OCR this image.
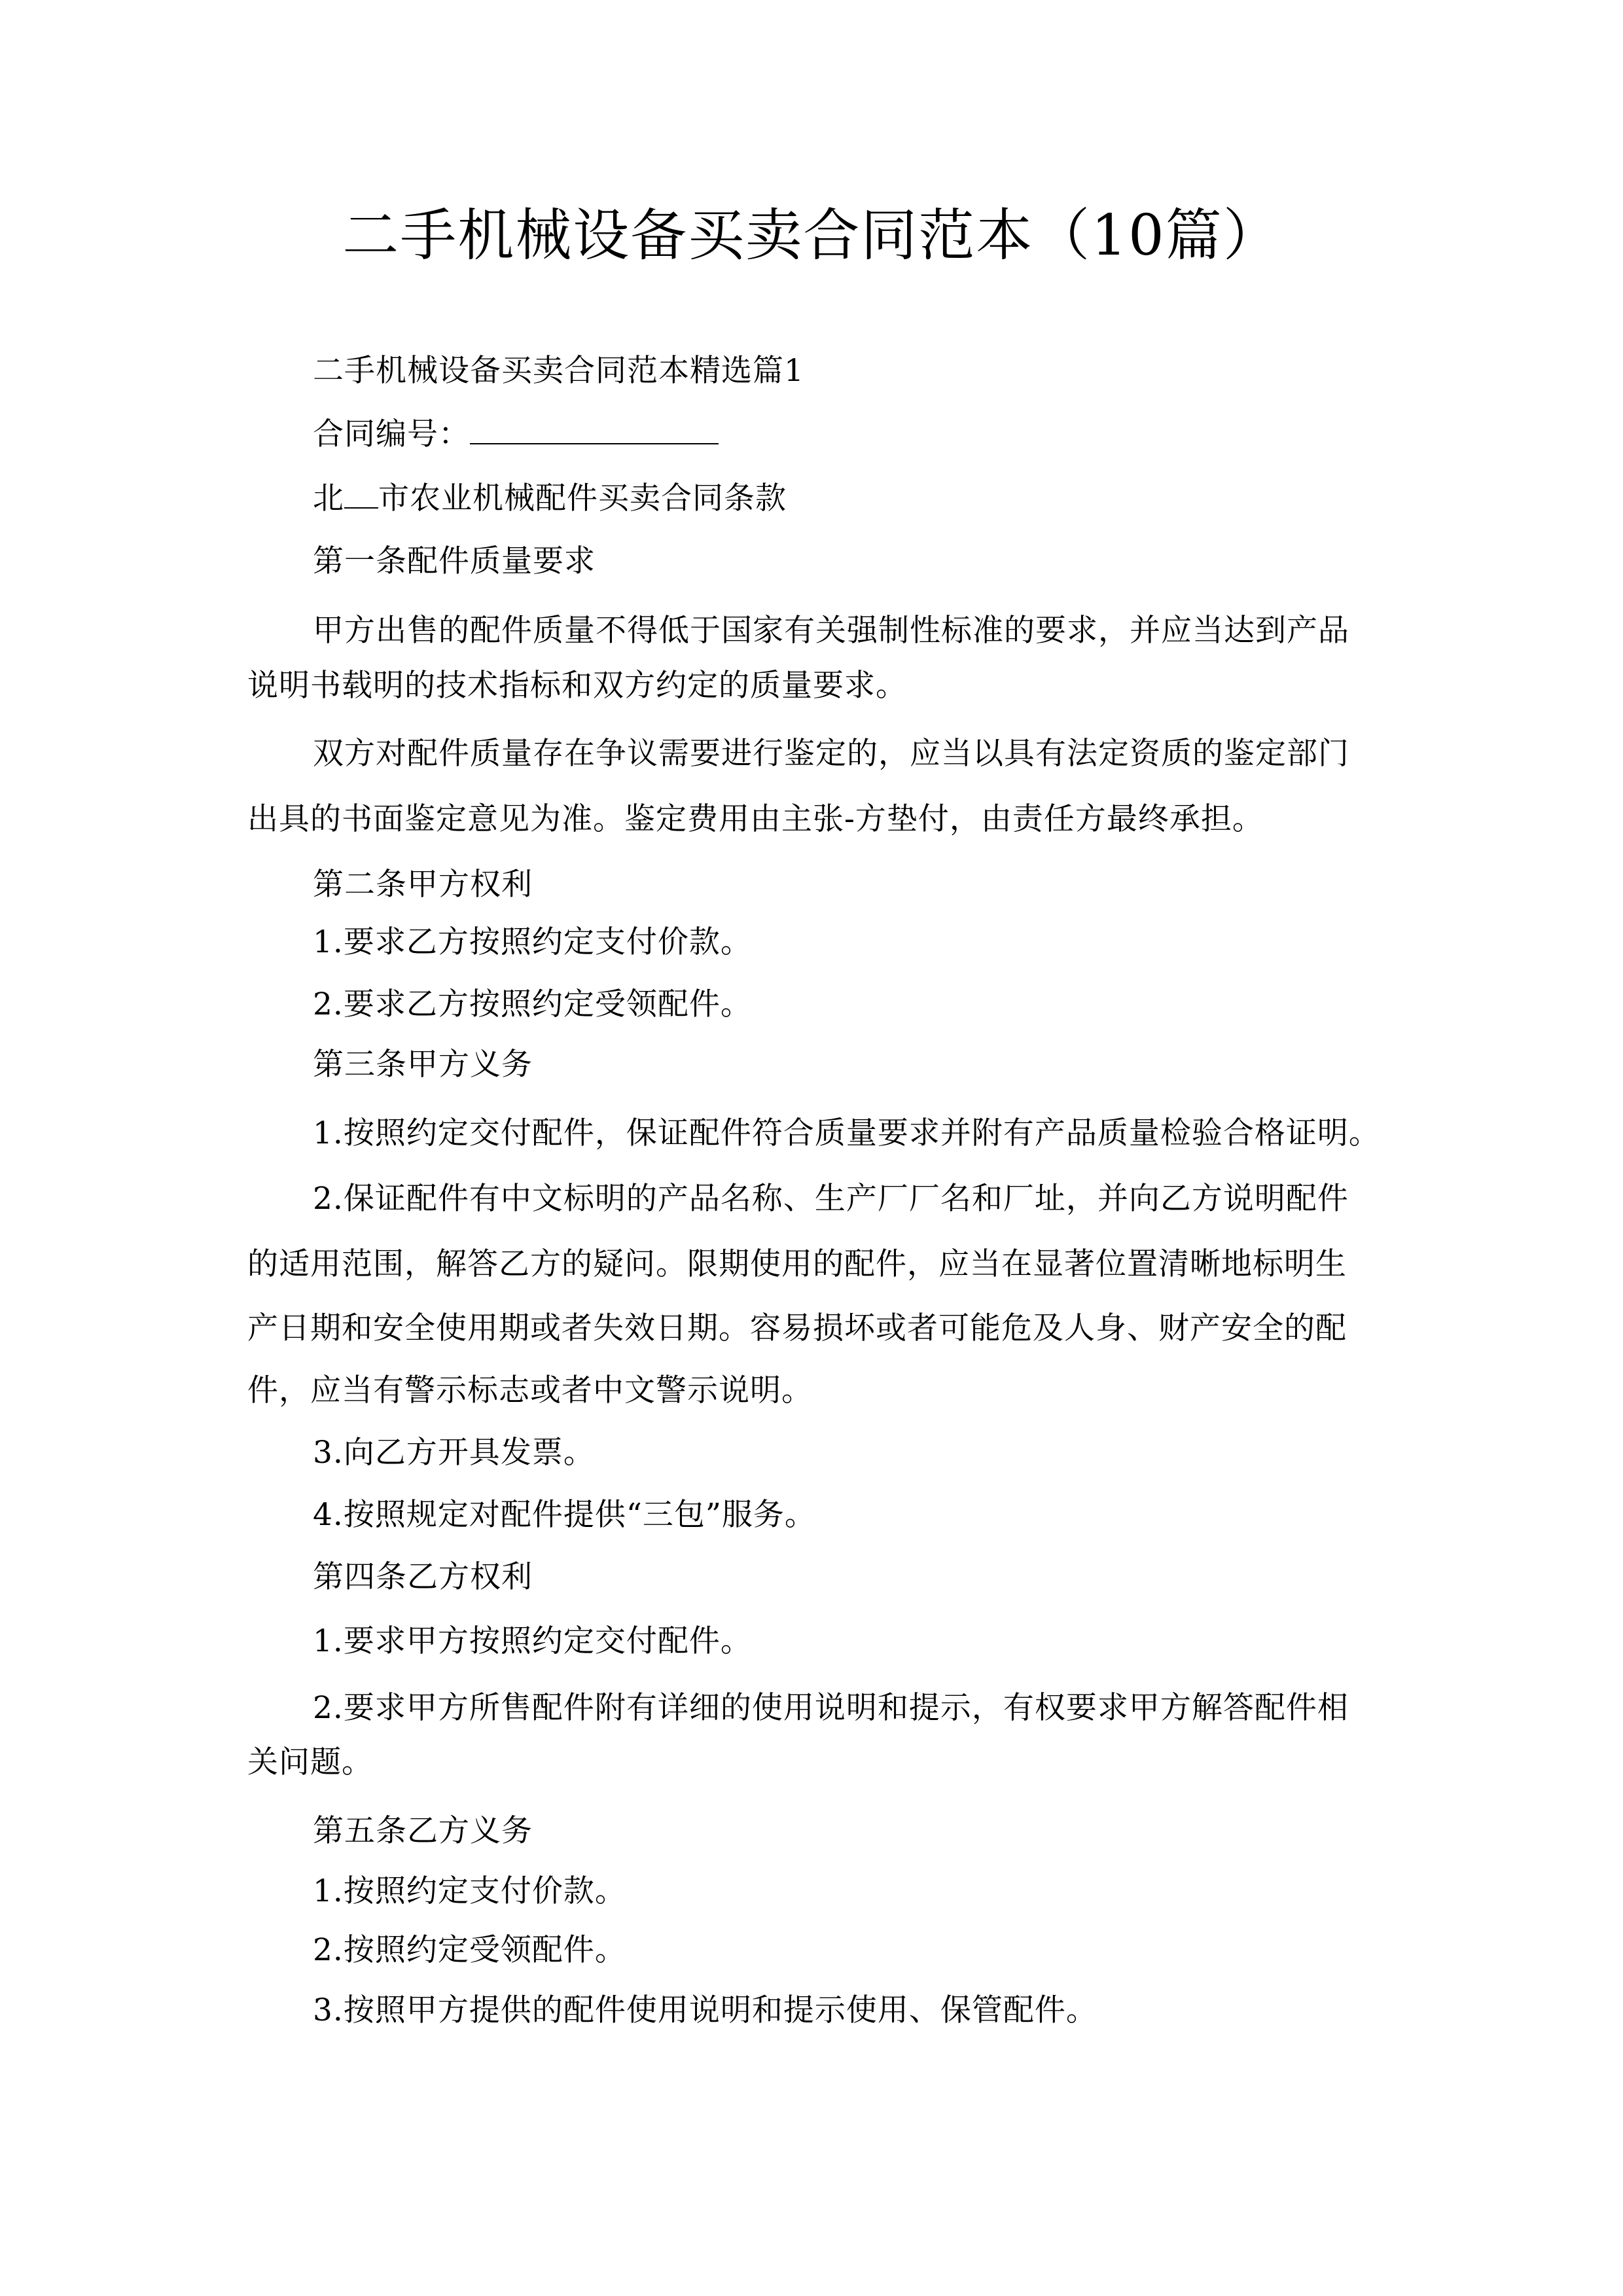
二手机械设备买卖合同范本（10篇）
二手机械设备买卖合同范本精选篇1
合同编号：
北 市农业机械配件买卖合同条款
第一条配件质量要求
甲方出售的配件质量不得低于国家有关强制性标准的要求，并应当达到产品
说明书载明的技术指标和双方约定的质量要求。
双方对配件质量存在争议需要进行鉴定的，应当以具有法定资质的鉴定部门
出具的书面鉴定意见为准。鉴定费用由主张-方垫付，由责任方最终承担。
第二条甲方权利
1.要求乙方按照约定支付价款。
2.要求乙方按照约定受领配件。
第三条甲方义务
1.按照约定交付配件，保证配件符合质量要求并附有产品质量检验合格证明。
2.保证配件有中文标明的产品名称、生产厂厂名和厂址，并向乙方说明配件
的适用范围，解答乙方的疑问。限期使用的配件，应当在显著位置清晰地标明生
产日期和安全使用期或者失效日期。容易损坏或者可能危及人身、财产安全的配
件，应当有警示标志或者中文警示说明。
3.向乙方开具发票。
4.按照规定对配件提供“三包”服务。
第四条乙方权利
1.要求甲方按照约定交付配件。
2.要求甲方所售配件附有详细的使用说明和提示，有权要求甲方解答配件相
关问题。
第五条乙方义务
1.按照约定支付价款。
2.按照约定受领配件。
3.按照甲方提供的配件使用说明和提示使用、保管配件。
